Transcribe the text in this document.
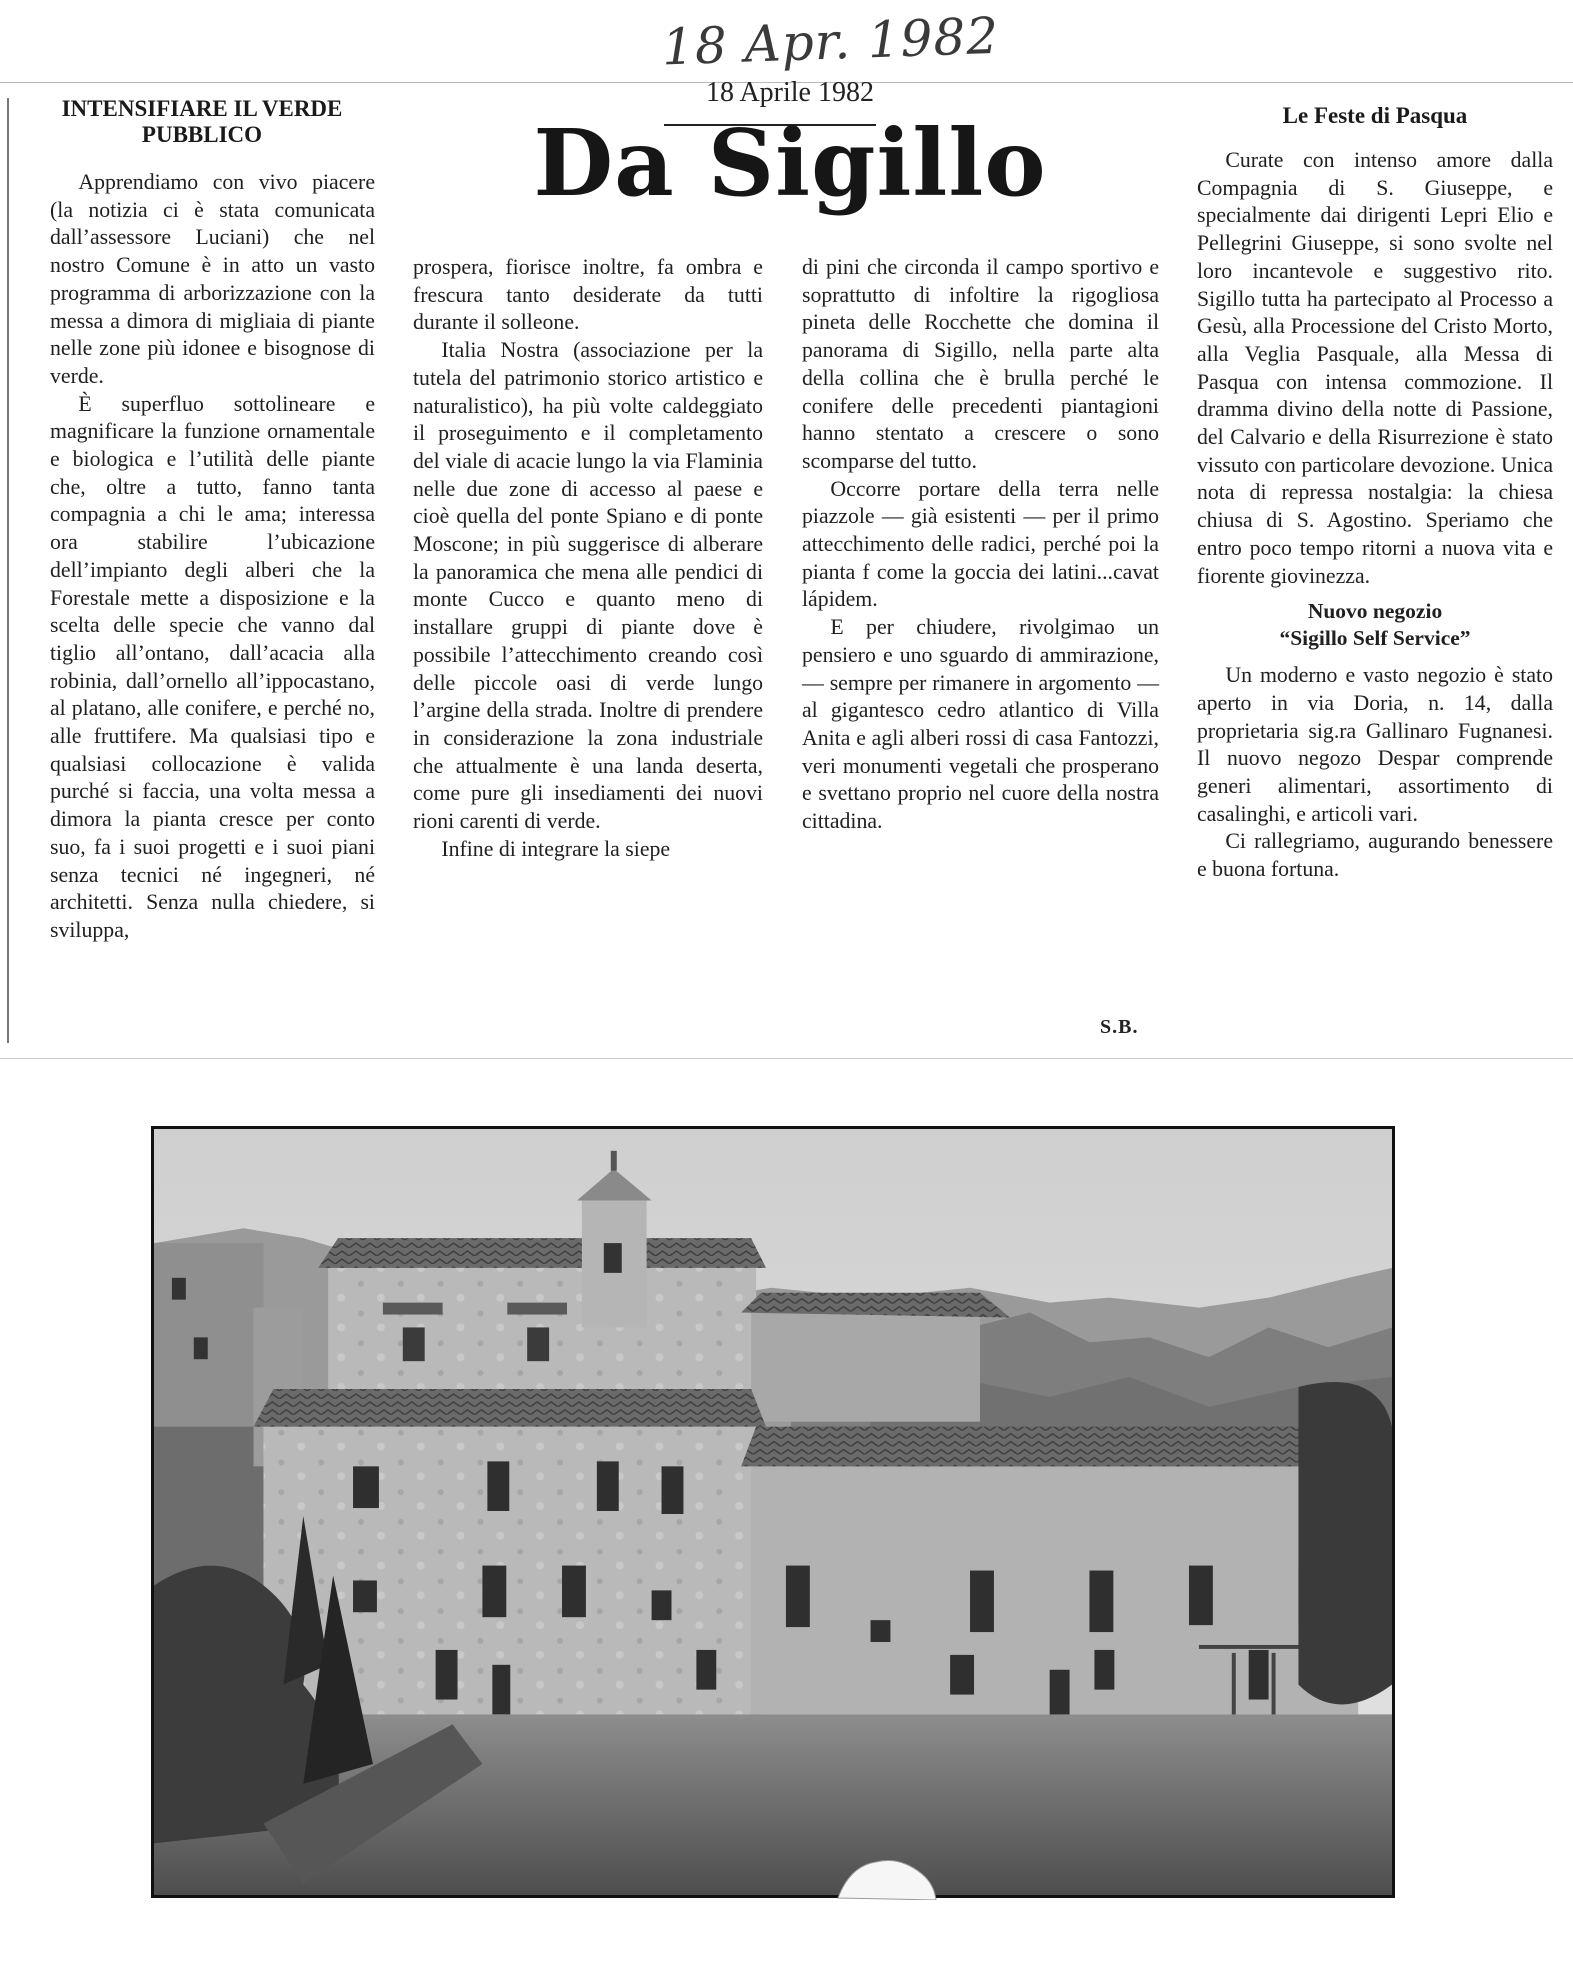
18 Apr. 1982
18 Aprile 1982
Da Sigillo
INTENSIFIARE IL VERDE PUBBLICO

Apprendiamo con vivo piacere (la notizia ci è stata comunicata dall’assessore Luciani) che nel nostro Comune è in atto un vasto programma di arborizzazione con la messa a dimora di migliaia di piante nelle zone più idonee e bisognose di verde.

È superfluo sottolineare e magnificare la funzione ornamentale e biologica e l’utilità delle piante che, oltre a tutto, fanno tanta compagnia a chi le ama; interessa ora stabilire l’ubicazione dell’impianto degli alberi che la Forestale mette a disposizione e la scelta delle specie che vanno dal tiglio all’ontano, dall’acacia alla robinia, dall’ornello all’ippocastano, al platano, alle conifere, e perché no, alle fruttifere. Ma qualsiasi tipo e qualsiasi collocazione è valida purché si faccia, una volta messa a dimora la pianta cresce per conto suo, fa i suoi progetti e i suoi piani senza tecnici né ingegneri, né architetti. Senza nulla chiedere, si sviluppa,

prospera, fiorisce inoltre, fa ombra e frescura tanto desiderate da tutti durante il solleone.

Italia Nostra (associazione per la tutela del patrimonio storico artistico e naturalistico), ha più volte caldeggiato il proseguimento e il completamento del viale di acacie lungo la via Flaminia nelle due zone di accesso al paese e cioè quella del ponte Spiano e di ponte Moscone; in più suggerisce di alberare la panoramica che mena alle pendici di monte Cucco e quanto meno di installare gruppi di piante dove è possibile l’attecchimento creando così delle piccole oasi di verde lungo l’argine della strada. Inoltre di prendere in considerazione la zona industriale che attualmente è una landa deserta, come pure gli insediamenti dei nuovi rioni carenti di verde.

Infine di integrare la siepe

di pini che circonda il campo sportivo e soprattutto di infoltire la rigogliosa pineta delle Rocchette che domina il panorama di Sigillo, nella parte alta della collina che è brulla perché le conifere delle precedenti piantagioni hanno stentato a crescere o sono scomparse del tutto.

Occorre portare della terra nelle piazzole — già esistenti — per il primo attecchimento delle radici, perché poi la pianta f come la goccia dei latini...cavat lápidem.

E per chiudere, rivolgimao un pensiero e uno sguardo di ammirazione, — sempre per rimanere in argomento — al gigantesco cedro atlantico di Villa Anita e agli alberi rossi di casa Fantozzi, veri monumenti vegetali che prosperano e svettano proprio nel cuore della nostra cittadina.

S.B.
Le Feste di Pasqua

Curate con intenso amore dalla Compagnia di S. Giuseppe, e specialmente dai dirigenti Lepri Elio e Pellegrini Giuseppe, si sono svolte nel loro incantevole e suggestivo rito. Sigillo tutta ha partecipato al Processo a Gesù, alla Processione del Cristo Morto, alla Veglia Pasquale, alla Messa di Pasqua con intensa commozione. Il dramma divino della notte di Passione, del Calvario e della Risurrezione è stato vissuto con particolare devozione. Unica nota di repressa nostalgia: la chiesa chiusa di S. Agostino. Speriamo che entro poco tempo ritorni a nuova vita e fiorente giovinezza.

Nuovo negozio
“Sigillo Self Service”

Un moderno e vasto negozio è stato aperto in via Doria, n. 14, dalla proprietaria sig.ra Gallinaro Fugnanesi. Il nuovo negozo Despar comprende generi alimentari, assortimento di casalinghi, e articoli vari.

Ci rallegriamo, augurando benessere e buona fortuna.
